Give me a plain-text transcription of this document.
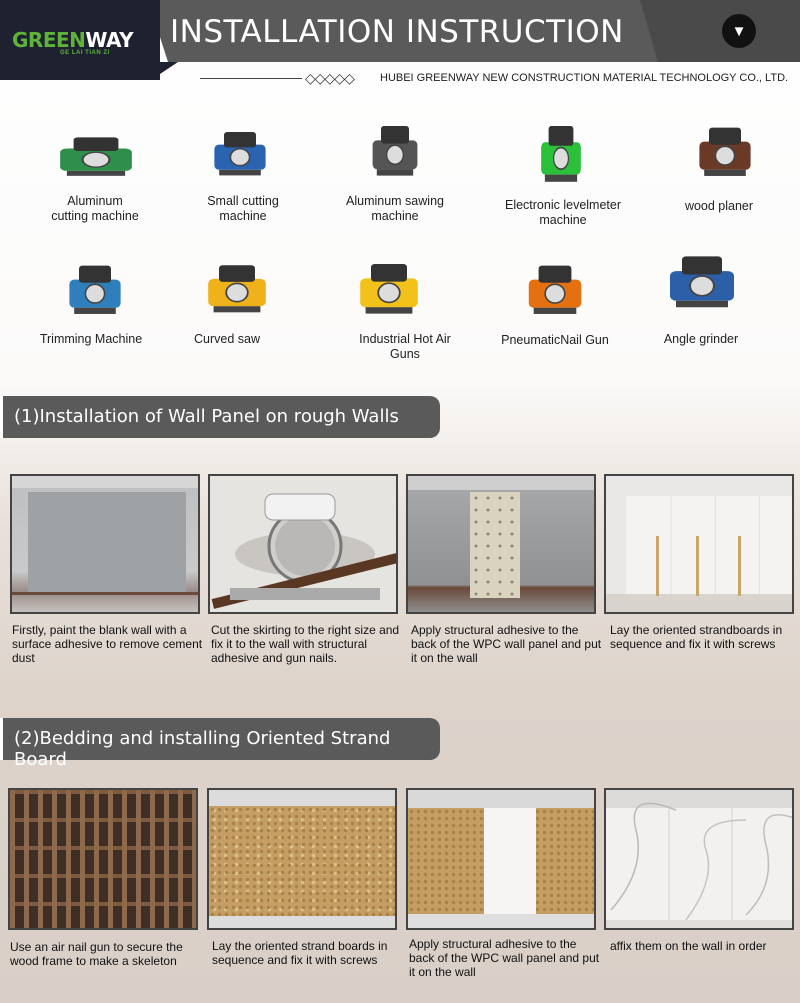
GREENWAY
GE LAI TIAN ZI
INSTALLATION INSTRUCTION	▼
◇◇◇◇◇ HUBEI GREENWAY NEW CONSTRUCTION MATERIAL TECHNOLOGY CO., LTD.
Aluminum
cutting machine
Small cutting
machine
Aluminum sawing
machine
Electronic levelmeter
machine
wood planer
Trimming Machine	Curved saw	Industrial Hot Air
Guns
PneumaticNail Gun	Angle grinder
(1)Installation of Wall Panel on rough Walls
Firstly, paint the blank wall with a surface adhesive to remove cement dust
Cut the skirting to the right size and fix it to the wall with structural adhesive and gun nails.
Apply structural adhesive to the back of the WPC wall panel and put it on the wall
Lay the oriented strandboards in sequence and fix it with screws
(2)Bedding and installing Oriented Strand Board
Use an air nail gun to secure the wood frame to make a skeleton
Lay the oriented strand boards in sequence and fix it with screws
Apply structural adhesive to the back of the WPC wall panel and put it on the wall
affix them on the wall in order
